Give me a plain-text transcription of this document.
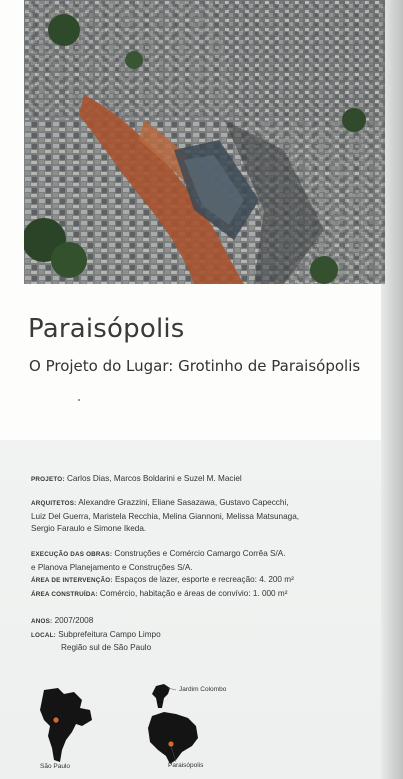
Paraisópolis
O Projeto do Lugar: Grotinho de Paraisópolis
PROJETO: Carlos Dias, Marcos Boldarini e Suzel M. Maciel
ARQUITETOS: Alexandre Grazzini, Eliane Sasazawa, Gustavo Capecchi,
Luiz Del Guerra, Maristela Recchia, Melina Giannoni, Melissa Matsunaga,
Sergio Faraulo e Simone Ikeda.
EXECUÇÃO DAS OBRAS: Construções e Comércio Camargo Corrêa S/A.
e Planova Planejamento e Construções S/A.
ÁREA DE INTERVENÇÃO: Espaços de lazer, esporte e recreação: 4. 200 m²
ÁREA CONSTRUÍDA: Comércio, habitação e áreas de convívio: 1. 000 m²
ANOS: 2007/2008
LOCAL: Subprefeitura Campo Limpo
Região sul de São Paulo
São Paulo
Jardim Colombo
Paraisópolis
